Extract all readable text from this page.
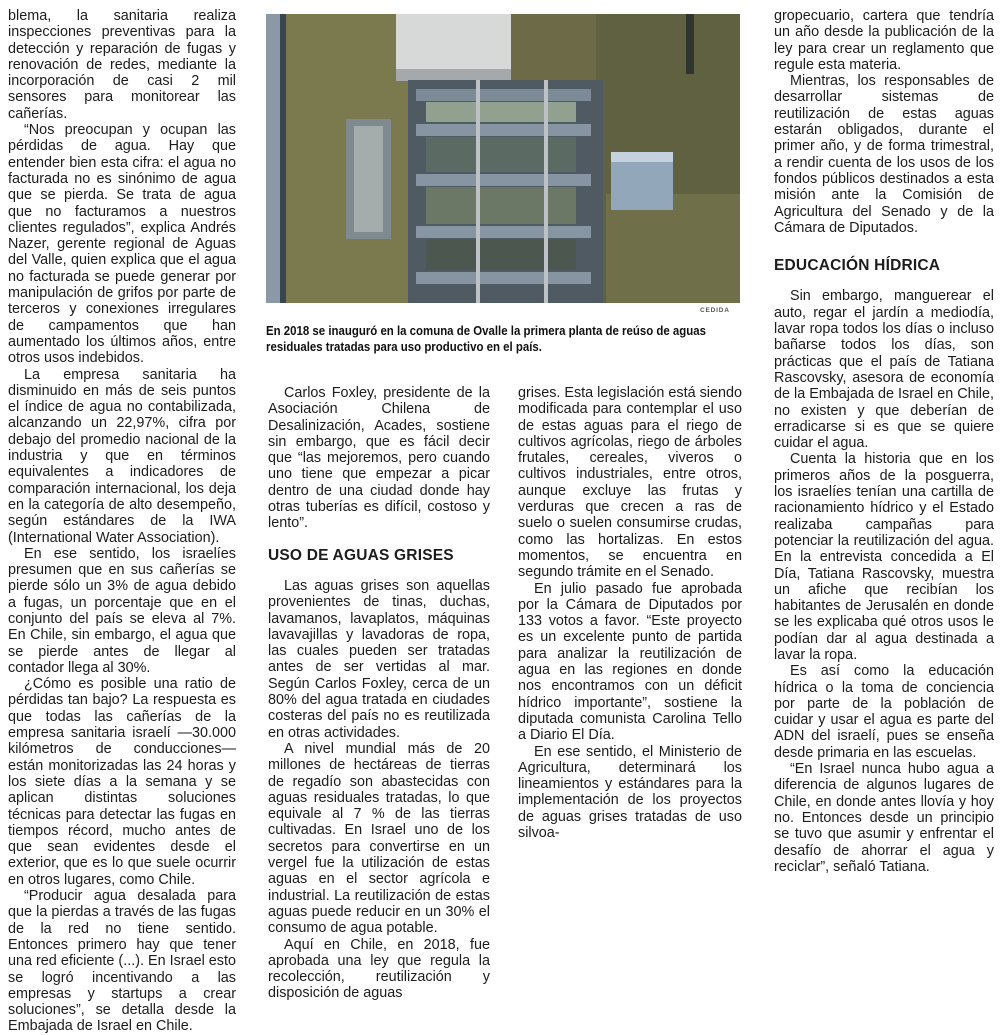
blema, la sanitaria realiza inspecciones preventivas para la detección y reparación de fugas y renovación de redes, mediante la incorporación de casi 2 mil sensores para monitorear las cañerías.

“Nos preocupan y ocupan las pérdidas de agua. Hay que entender bien esta cifra: el agua no facturada no es sinónimo de agua que se pierda. Se trata de agua que no facturamos a nuestros clientes regulados”, explica Andrés Nazer, gerente regional de Aguas del Valle, quien explica que el agua no facturada se puede generar por manipulación de grifos por parte de terceros y conexiones irregulares de campamentos que han aumentado los últimos años, entre otros usos indebidos.

La empresa sanitaria ha disminuido en más de seis puntos el índice de agua no contabilizada, alcanzando un 22,97%, cifra por debajo del promedio nacional de la industria y que en términos equivalentes a indicadores de comparación internacional, los deja en la categoría de alto desempeño, según estándares de la IWA (International Water Association).

En ese sentido, los israelíes presumen que en sus cañerías se pierde sólo un 3% de agua debido a fugas, un porcentaje que en el conjunto del país se eleva al 7%. En Chile, sin embargo, el agua que se pierde antes de llegar al contador llega al 30%.

¿Cómo es posible una ratio de pérdidas tan bajo? La respuesta es que todas las cañerías de la empresa sanitaria israelí —30.000 kilómetros de conducciones— están monitorizadas las 24 horas y los siete días a la semana y se aplican distintas soluciones técnicas para detectar las fugas en tiempos récord, mucho antes de que sean evidentes desde el exterior, que es lo que suele ocurrir en otros lugares, como Chile.

“Producir agua desalada para que la pierdas a través de las fugas de la red no tiene sentido. Entonces primero hay que tener una red eficiente (...). En Israel esto se logró incentivando a las empresas y startups a crear soluciones”, se detalla desde la Embajada de Israel en Chile.

CEDIDA
En 2018 se inauguró en la comuna de Ovalle la primera planta de reúso de aguas residuales tratadas para uso productivo en el país.

Carlos Foxley, presidente de la Asociación Chilena de Desalinización, Acades, sostiene sin embargo, que es fácil decir que “las mejoremos, pero cuando uno tiene que empezar a picar dentro de una ciudad donde hay otras tuberías es difícil, costoso y lento”.

USO DE AGUAS GRISES

Las aguas grises son aquellas provenientes de tinas, duchas, lavamanos, lavaplatos, máquinas lavavajillas y lavadoras de ropa, las cuales pueden ser tratadas antes de ser vertidas al mar. Según Carlos Foxley, cerca de un 80% del agua tratada en ciudades costeras del país no es reutilizada en otras actividades.

A nivel mundial más de 20 millones de hectáreas de tierras de regadío son abastecidas con aguas residuales tratadas, lo que equivale al 7 % de las tierras cultivadas. En Israel uno de los secretos para convertirse en un vergel fue la utilización de estas aguas en el sector agrícola e industrial. La reutilización de estas aguas puede reducir en un 30% el consumo de agua potable.

Aquí en Chile, en 2018, fue aprobada una ley que regula la recolección, reutilización y disposición de aguas

grises. Esta legislación está siendo modificada para contemplar el uso de estas aguas para el riego de cultivos agrícolas, riego de árboles frutales, cereales, viveros o cultivos industriales, entre otros, aunque excluye las frutas y verduras que crecen a ras de suelo o suelen consumirse crudas, como las hortalizas. En estos momentos, se encuentra en segundo trámite en el Senado.

En julio pasado fue aprobada por la Cámara de Diputados por 133 votos a favor. “Este proyecto es un excelente punto de partida para analizar la reutilización de agua en las regiones en donde nos encontramos con un déficit hídrico importante”, sostiene la diputada comunista Carolina Tello a Diario El Día.

En ese sentido, el Ministerio de Agricultura, determinará los lineamientos y estándares para la implementación de los proyectos de aguas grises tratadas de uso silvoa-

gropecuario, cartera que tendría un año desde la publicación de la ley para crear un reglamento que regule esta materia.

Mientras, los responsables de desarrollar sistemas de reutilización de estas aguas estarán obligados, durante el primer año, y de forma trimestral, a rendir cuenta de los usos de los fondos públicos destinados a esta misión ante la Comisión de Agricultura del Senado y de la Cámara de Diputados.

EDUCACIÓN HÍDRICA

Sin embargo, manguerear el auto, regar el jardín a mediodía, lavar ropa todos los días o incluso bañarse todos los días, son prácticas que el país de Tatiana Rascovsky, asesora de economía de la Embajada de Israel en Chile, no existen y que deberían de erradicarse si es que se quiere cuidar el agua.

Cuenta la historia que en los primeros años de la posguerra, los israelíes tenían una cartilla de racionamiento hídrico y el Estado realizaba campañas para potenciar la reutilización del agua. En la entrevista concedida a El Día, Tatiana Rascovsky, muestra un afiche que recibían los habitantes de Jerusalén en donde se les explicaba qué otros usos le podían dar al agua destinada a lavar la ropa.

Es así como la educación hídrica o la toma de conciencia por parte de la población de cuidar y usar el agua es parte del ADN del israelí, pues se enseña desde primaria en las escuelas.

“En Israel nunca hubo agua a diferencia de algunos lugares de Chile, en donde antes llovía y hoy no. Entonces desde un principio se tuvo que asumir y enfrentar el desafío de ahorrar el agua y reciclar”, señaló Tatiana.
